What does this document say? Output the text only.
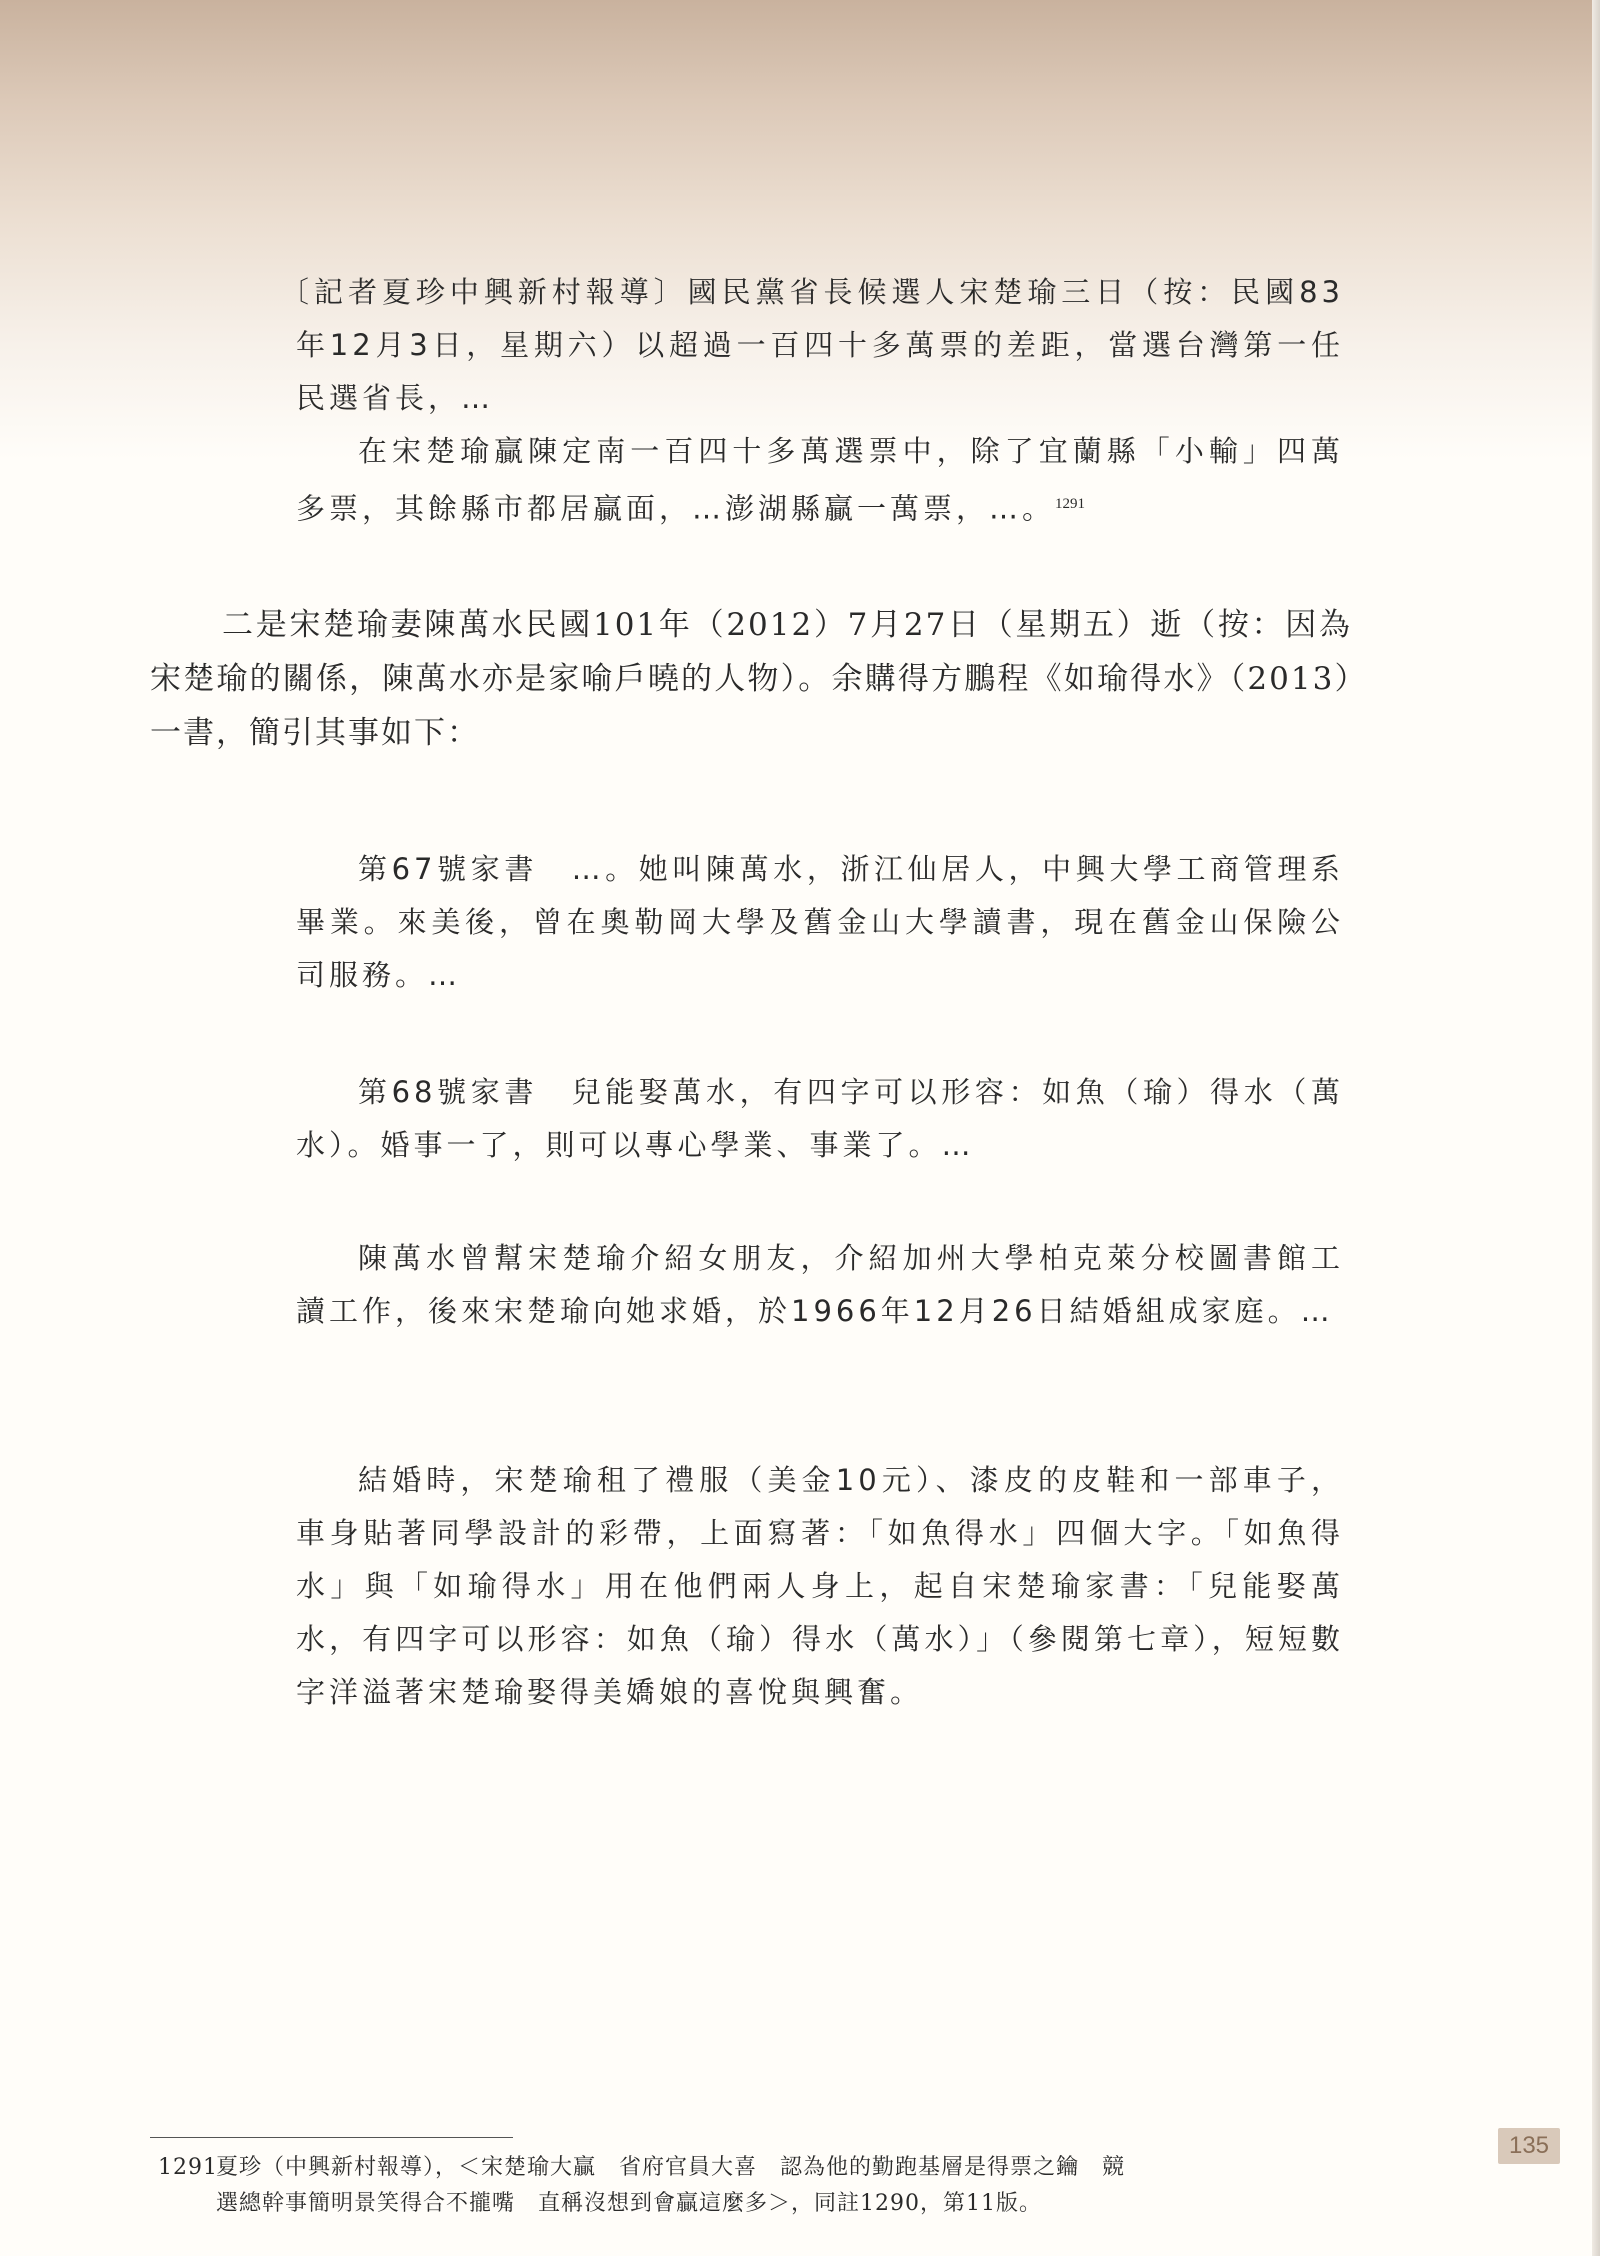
〔記者夏珍中興新村報導〕國民黨省長候選人宋楚瑜三日（按：民國83年12月3日，星期六）以超過一百四十多萬票的差距，當選台灣第一任民選省長，…

在宋楚瑜贏陳定南一百四十多萬選票中，除了宜蘭縣「小輸」四萬多票，其餘縣市都居贏面，…澎湖縣贏一萬票，…。$^{1291}$

二是宋楚瑜妻陳萬水民國101年（2012）7月27日（星期五）逝（按：因為宋楚瑜的關係，陳萬水亦是家喻戶曉的人物）。余購得方鵬程《如瑜得水》（2013）一書，簡引其事如下：

第67號家書　…。她叫陳萬水，浙江仙居人，中興大學工商管理系畢業。來美後，曾在奧勒岡大學及舊金山大學讀書，現在舊金山保險公司服務。…
第68號家書　兒能娶萬水，有四字可以形容：如魚（瑜）得水（萬水）。婚事一了，則可以專心學業、事業了。…
陳萬水曾幫宋楚瑜介紹女朋友，介紹加州大學柏克萊分校圖書館工讀工作，後來宋楚瑜向她求婚，於1966年12月26日結婚組成家庭。…
結婚時，宋楚瑜租了禮服（美金10元）、漆皮的皮鞋和一部車子，車身貼著同學設計的彩帶，上面寫著：「如魚得水」四個大字。「如魚得水」與「如瑜得水」用在他們兩人身上，起自宋楚瑜家書：「兒能娶萬水，有四字可以形容：如魚（瑜）得水（萬水）」（參閱第七章），短短數字洋溢著宋楚瑜娶得美嬌娘的喜悅與興奮。
1291夏珍（中興新村報導），＜宋楚瑜大贏　省府官員大喜　認為他的勤跑基層是得票之鑰　競
選總幹事簡明景笑得合不攏嘴　直稱沒想到會贏這麼多＞，同註1290，第11版。
135
